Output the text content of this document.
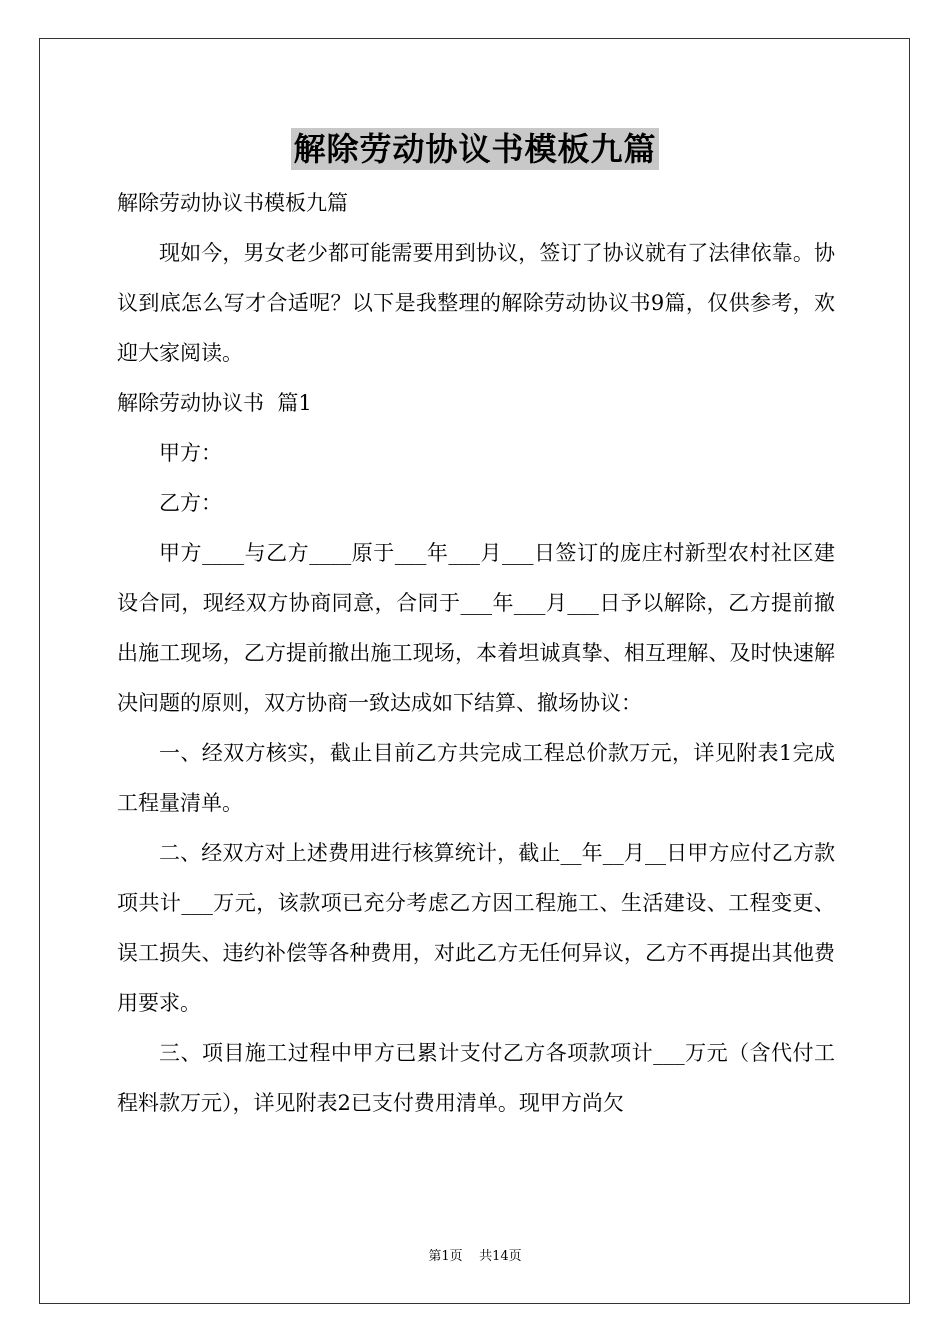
解除劳动协议书模板九篇

解除劳动协议书模板九篇

现如今，男女老少都可能需要用到协议，签订了协议就有了法律依靠。协议到底怎么写才合适呢？以下是我整理的解除劳动协议书9篇，仅供参考，欢迎大家阅读。

解除劳动协议书  篇1

甲方：

乙方：

甲方____与乙方____原于___年___月___日签订的庞庄村新型农村社区建设合同，现经双方协商同意，合同于___年___月___日予以解除，乙方提前撤出施工现场，乙方提前撤出施工现场，本着坦诚真挚、相互理解、及时快速解决问题的原则，双方协商一致达成如下结算、撤场协议：

一、经双方核实，截止目前乙方共完成工程总价款万元，详见附表1完成工程量清单。

二、经双方对上述费用进行核算统计，截止__年__月__日甲方应付乙方款项共计___万元，该款项已充分考虑乙方因工程施工、生活建设、工程变更、误工损失、违约补偿等各种费用，对此乙方无任何异议，乙方不再提出其他费用要求。

三、项目施工过程中甲方已累计支付乙方各项款项计___万元（含代付工程料款万元），详见附表2已支付费用清单。现甲方尚欠

第1页 共14页
